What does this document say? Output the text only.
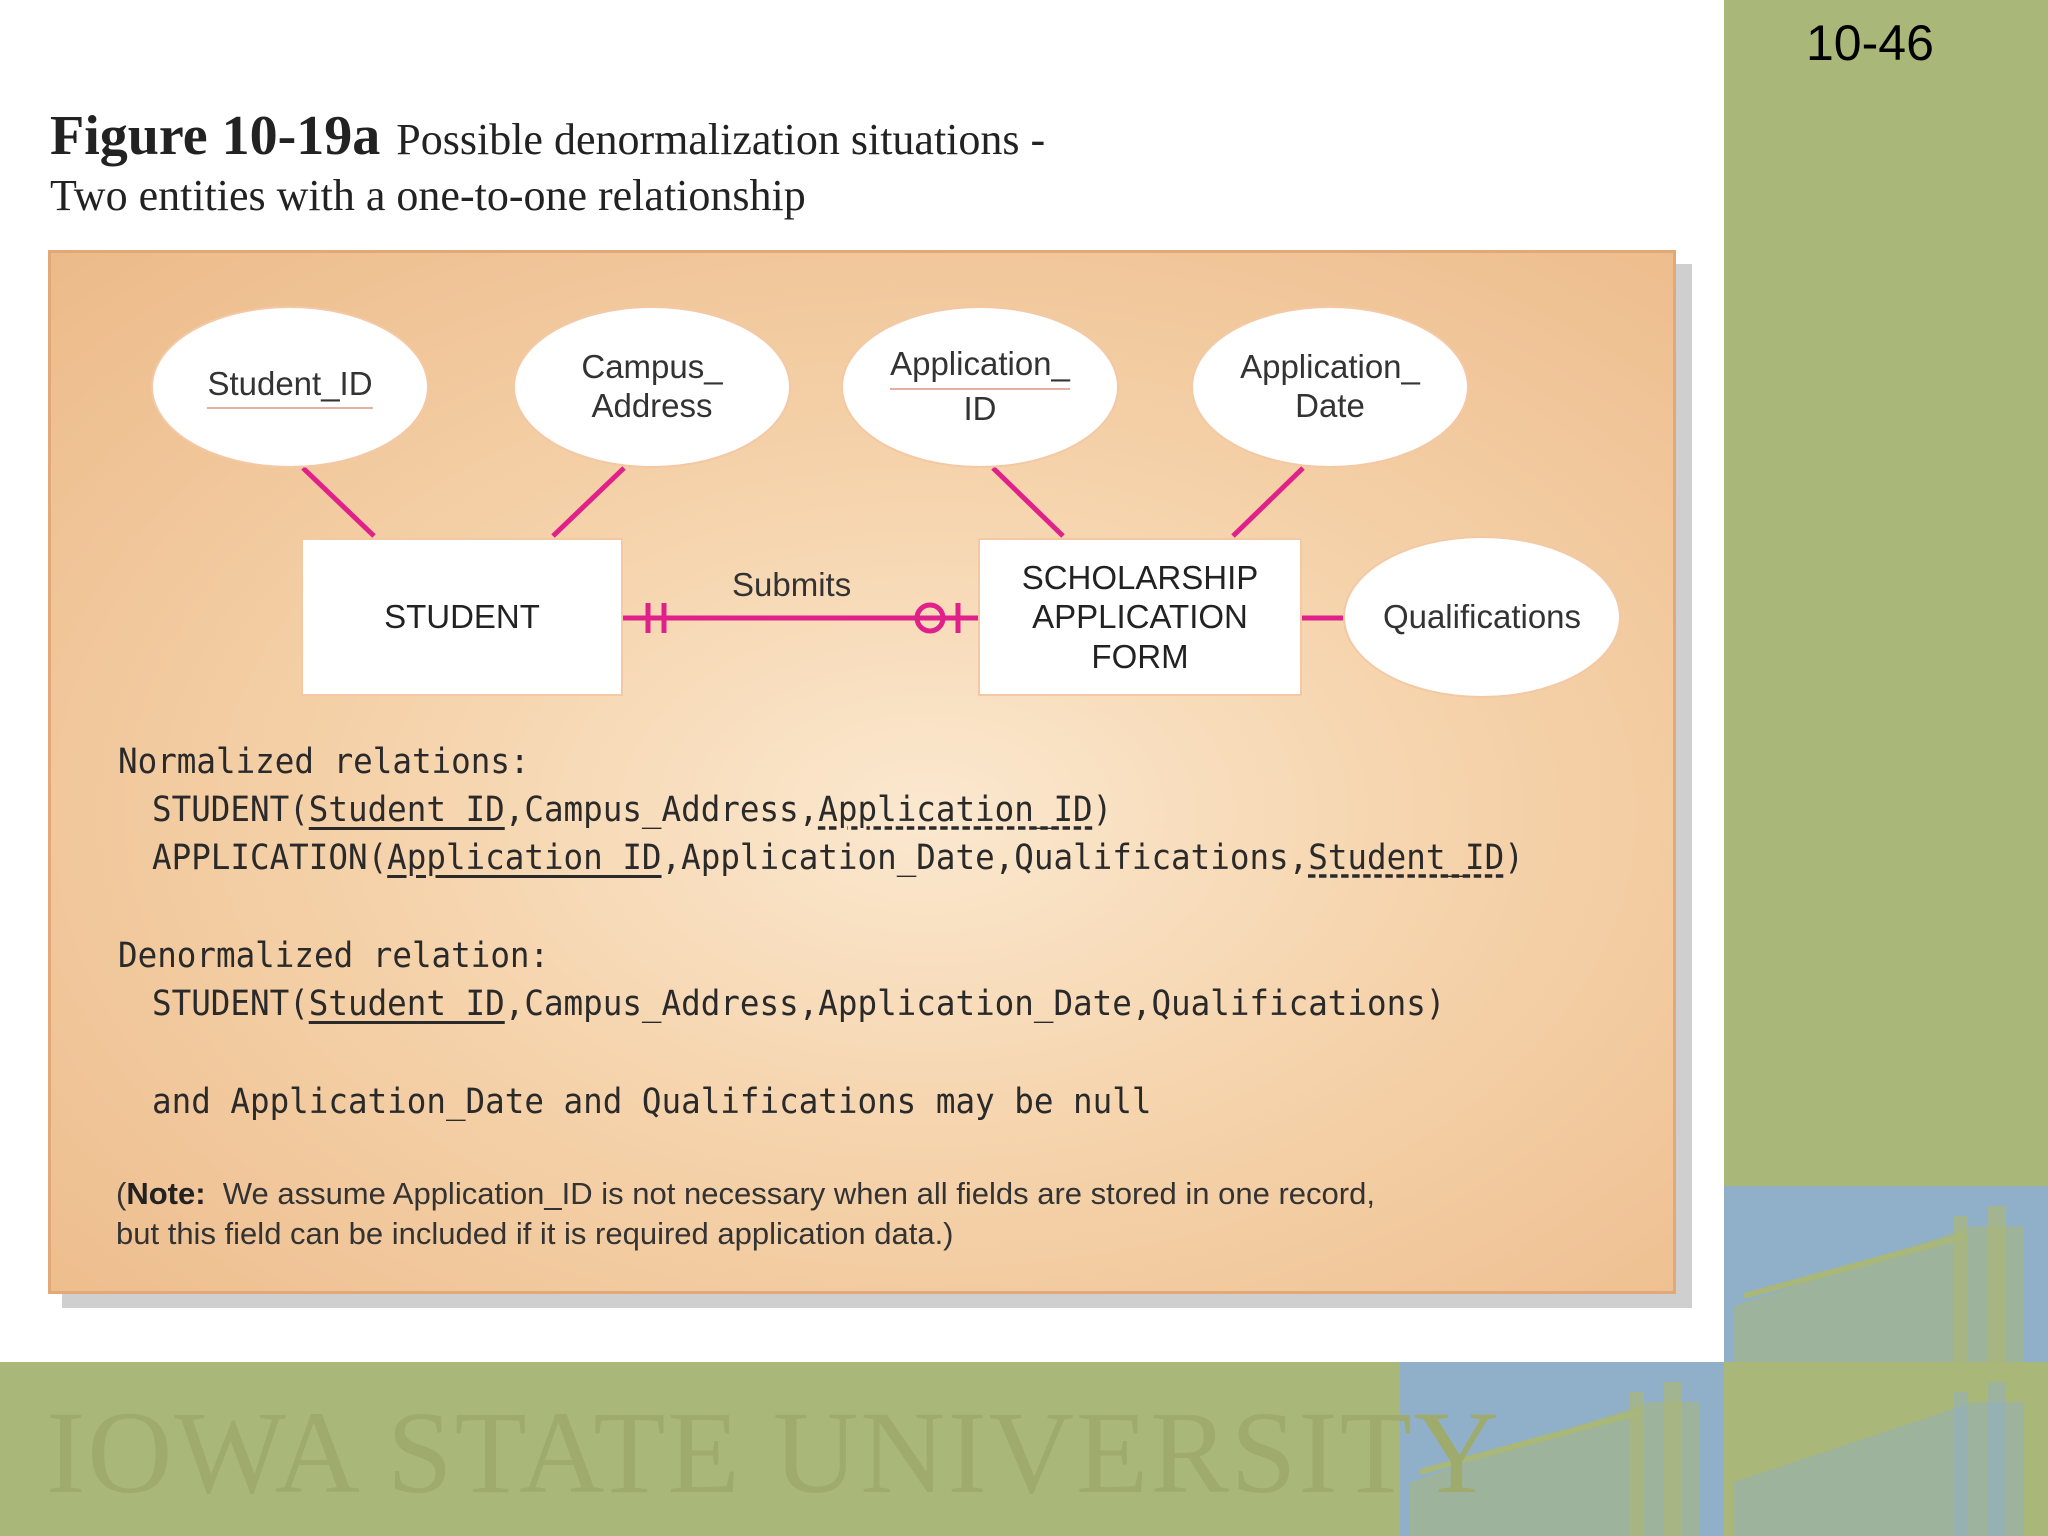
IOWA STATE UNIVERSITY
10-46
Figure 10-19a Possible denormalization situations -
Two entities with a one-to-one relationship
Student_ID	Campus_
Address
Application_
ID
Application_
Date
Qualifications
STUDENT
SCHOLARSHIP
APPLICATION
FORM
Submits
Normalized relations:
STUDENT(Student_ID,Campus_Address,Application_ID)
APPLICATION(Application_ID,Application_Date,Qualifications,Student_ID)
Denormalized relation:
STUDENT(Student_ID,Campus_Address,Application_Date,Qualifications)
and Application_Date and Qualifications may be null
(Note:  We assume Application_ID is not necessary when all fields are stored in one record,
but this field can be included if it is required application data.)
